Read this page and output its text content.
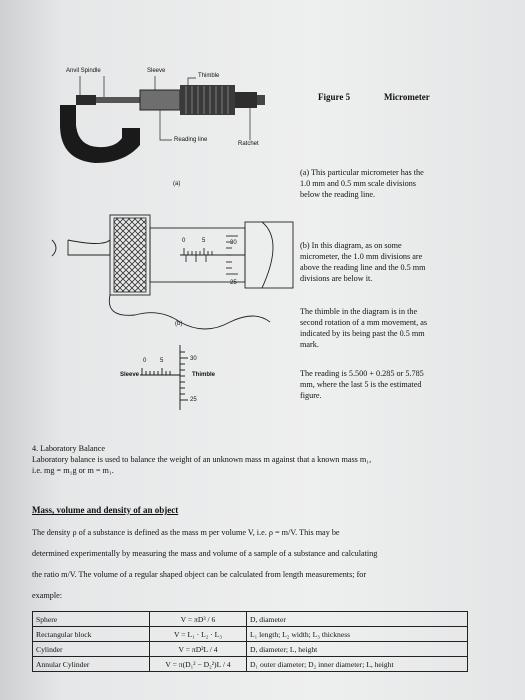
Anvil Spindle	Sleeve
Thimble
Reading line
Ratchet
(a)
Figure 5	Micrometer
0	5	30
25
(b)
0 5	30
25
Sleeve	Thimble
(a) This particular micrometer has the
1.0 mm and 0.5 mm scale divisions
below the reading line.
(b) In this diagram, as on some
micrometer, the 1.0 mm divisions are
above the reading line and the 0.5 mm
divisions are below it.
The thimble in the diagram is in the
second rotation of a mm movement, as
indicated by its being past the 0.5 mm
mark.
The reading is 5.500 + 0.285 or 5.785
mm, where the last 5 is the estimated
figure.
4. Laboratory Balance
Laboratory balance is used to balance the weight of an unknown mass m against that a known mass m₁,
i.e. mg = m₁g or m = m₁.
Mass, volume and density of an object
The density ρ of a substance is defined as the mass m per volume V, i.e. ρ = m/V. This may be
determined experimentally by measuring the mass and volume of a sample of a substance and calculating
the ratio m/V. The volume of a regular shaped object can be calculated from length measurements; for
example:
Sphere	V = πD³ / 6	D, diameter
Rectangular block	V = L₁ · L₂ · L₃	L₁ length; L₂ width; L₃ thickness
Cylinder	V = πD²L / 4	D, diameter; L, height
Annular Cylinder	V = π(D₁² − D₂²)L / 4	D₁ outer diameter; D₂ inner diameter; L, height
